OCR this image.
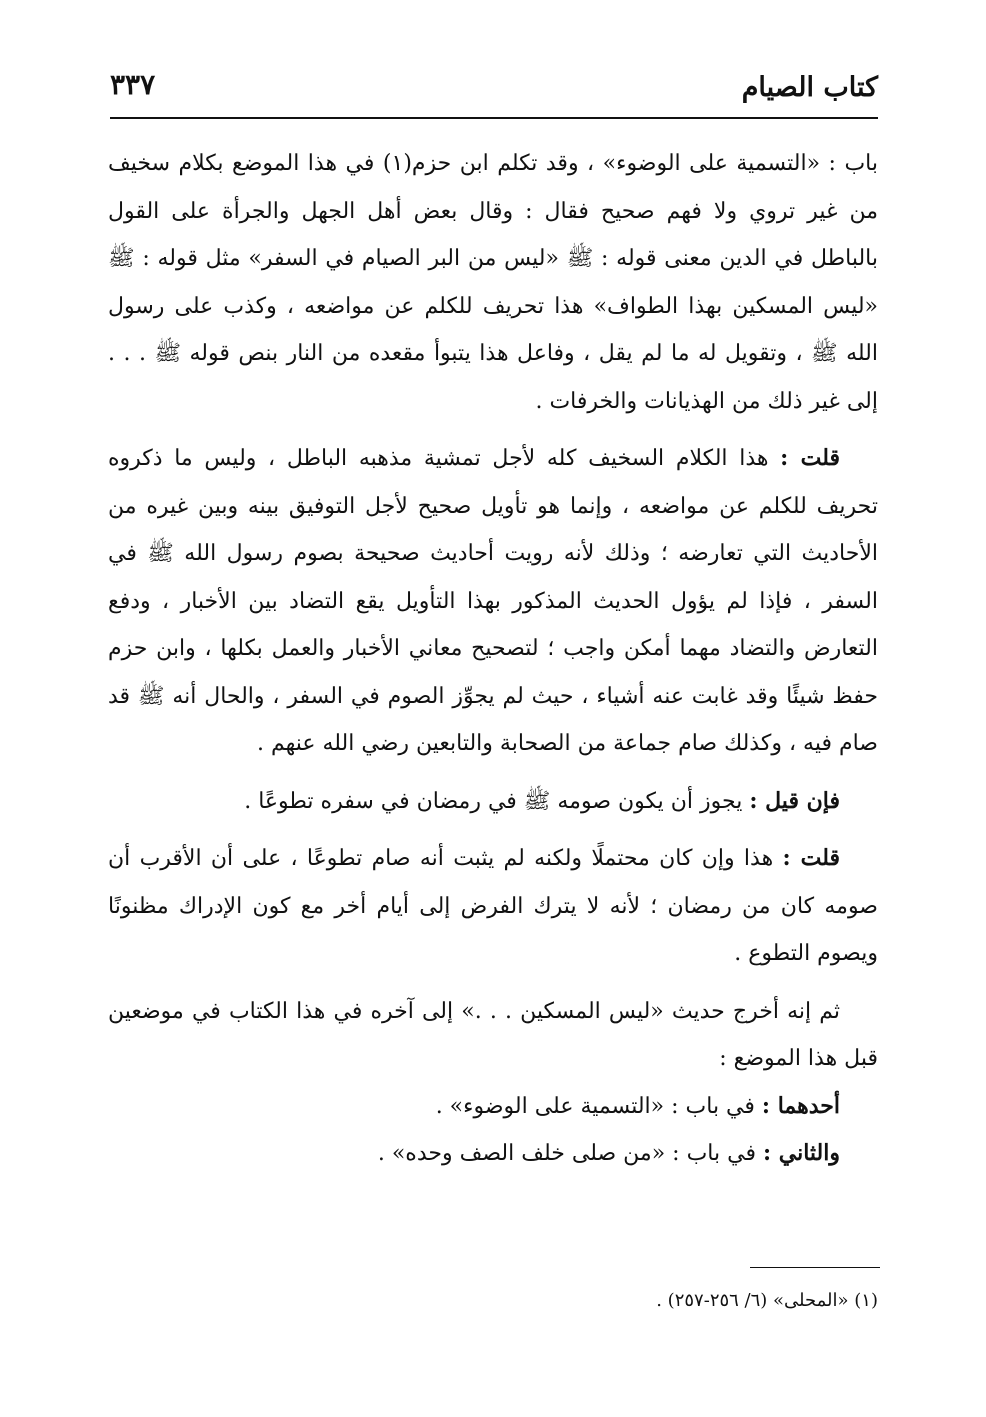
كتاب الصيام
٣٣٧

باب : «التسمية على الوضوء» ، وقد تكلم ابن حزم(١) في هذا الموضع بكلام سخيف من غير تروي ولا فهم صحيح فقال : وقال بعض أهل الجهل والجرأة على القول بالباطل في الدين معنى قوله : ﷺ «ليس من البر الصيام في السفر» مثل قوله : ﷺ «ليس المسكين بهذا الطواف» هذا تحريف للكلم عن مواضعه ، وكذب على رسول الله ﷺ ، وتقويل له ما لم يقل ، وفاعل هذا يتبوأ مقعده من النار بنص قوله ﷺ . . . إلى غير ذلك من الهذيانات والخرفات .

قلت : هذا الكلام السخيف كله لأجل تمشية مذهبه الباطل ، وليس ما ذكروه تحريف للكلم عن مواضعه ، وإنما هو تأويل صحيح لأجل التوفيق بينه وبين غيره من الأحاديث التي تعارضه ؛ وذلك لأنه رويت أحاديث صحيحة بصوم رسول الله ﷺ في السفر ، فإذا لم يؤول الحديث المذكور بهذا التأويل يقع التضاد بين الأخبار ، ودفع التعارض والتضاد مهما أمكن واجب ؛ لتصحيح معاني الأخبار والعمل بكلها ، وابن حزم حفظ شيئًا وقد غابت عنه أشياء ، حيث لم يجوِّز الصوم في السفر ، والحال أنه ﷺ قد صام فيه ، وكذلك صام جماعة من الصحابة والتابعين رضي الله عنهم .

فإن قيل : يجوز أن يكون صومه ﷺ في رمضان في سفره تطوعًا .

قلت : هذا وإن كان محتملًا ولكنه لم يثبت أنه صام تطوعًا ، على أن الأقرب أن صومه كان من رمضان ؛ لأنه لا يترك الفرض إلى أيام أخر مع كون الإدراك مظنونًا ويصوم التطوع .

ثم إنه أخرج حديث «ليس المسكين . . .» إلى آخره في هذا الكتاب في موضعين قبل هذا الموضع :

أحدهما : في باب : «التسمية على الوضوء» .

والثاني : في باب : «من صلى خلف الصف وحده» .

(١) «المحلى» (٦/ ٢٥٦-٢٥٧) .
